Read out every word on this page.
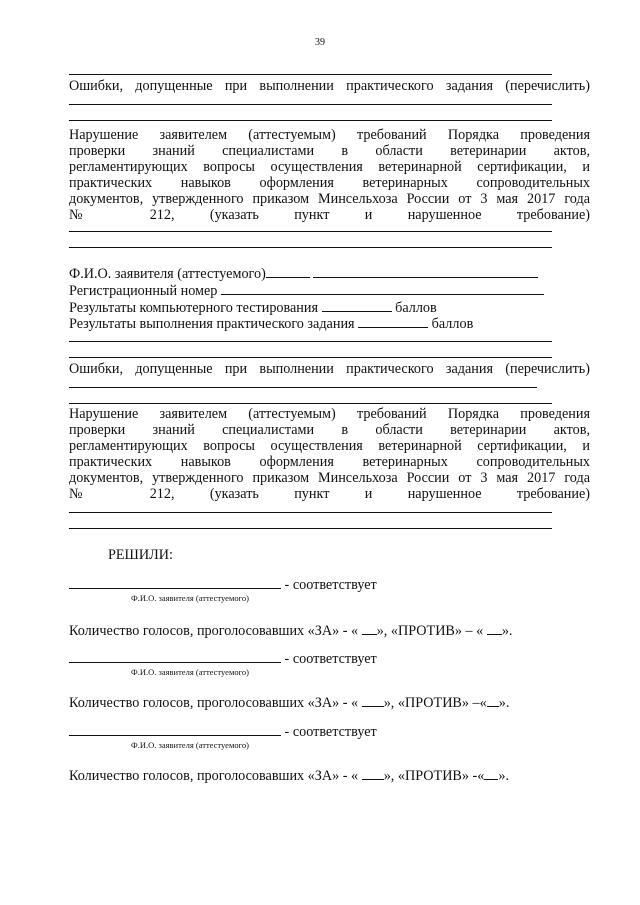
39
Ошибки, допущенные при выполнении практического задания (перечислить)
Нарушение заявителем (аттестуемым) требований Порядка проведения
проверки знаний специалистами в области ветеринарии актов,
регламентирующих вопросы осуществления ветеринарной сертификации, и
практических навыков оформления ветеринарных сопроводительных
документов, утвержденного приказом Минсельхоза России от 3 мая 2017 года
№ 212, (указать пункт и нарушенное требование)
Ф.И.О. заявителя (аттестуемого)
Регистрационный номер
Результаты компьютерного тестирования	баллов
Результаты выполнения практического задания	баллов
Ошибки, допущенные при выполнении практического задания (перечислить)
Нарушение заявителем (аттестуемым) требований Порядка проведения
проверки знаний специалистами в области ветеринарии актов,
регламентирующих вопросы осуществления ветеринарной сертификации, и
практических навыков оформления ветеринарных сопроводительных
документов, утвержденного приказом Минсельхоза России от 3 мая 2017 года
№ 212, (указать пункт и нарушенное требование)
РЕШИЛИ:
- соответствует
Ф.И.О. заявителя (аттестуемого)
Количество голосов, проголосовавших «ЗА» - « », «ПРОТИВ» – « ».
- соответствует
Ф.И.О. заявителя (аттестуемого)
Количество голосов, проголосовавших «ЗА» - « », «ПРОТИВ» –« ».
- соответствует
Ф.И.О. заявителя (аттестуемого)
Количество голосов, проголосовавших «ЗА» - « », «ПРОТИВ» -« ».
